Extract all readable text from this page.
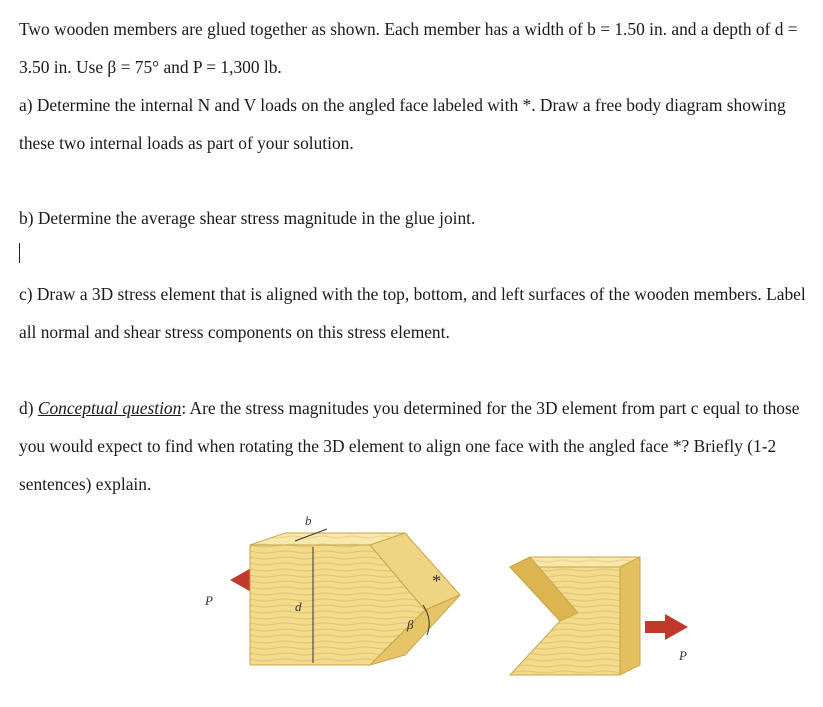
Two wooden members are glued together as shown. Each member has a width of b = 1.50 in. and a depth of d = 3.50 in. Use β = 75° and P = 1,300 lb.

a) Determine the internal N and V loads on the angled face labeled with *. Draw a free body diagram showing these two internal loads as part of your solution.

b) Determine the average shear stress magnitude in the glue joint.

c) Draw a 3D stress element that is aligned with the top, bottom, and left surfaces of the wooden members. Label all normal and shear stress components on this stress element.

d) Conceptual question: Are the stress magnitudes you determined for the 3D element from part c equal to those you would expect to find when rotating the 3D element to align one face with the angled face *? Briefly (1-2 sentences) explain.

P
b
d
β
*
P
